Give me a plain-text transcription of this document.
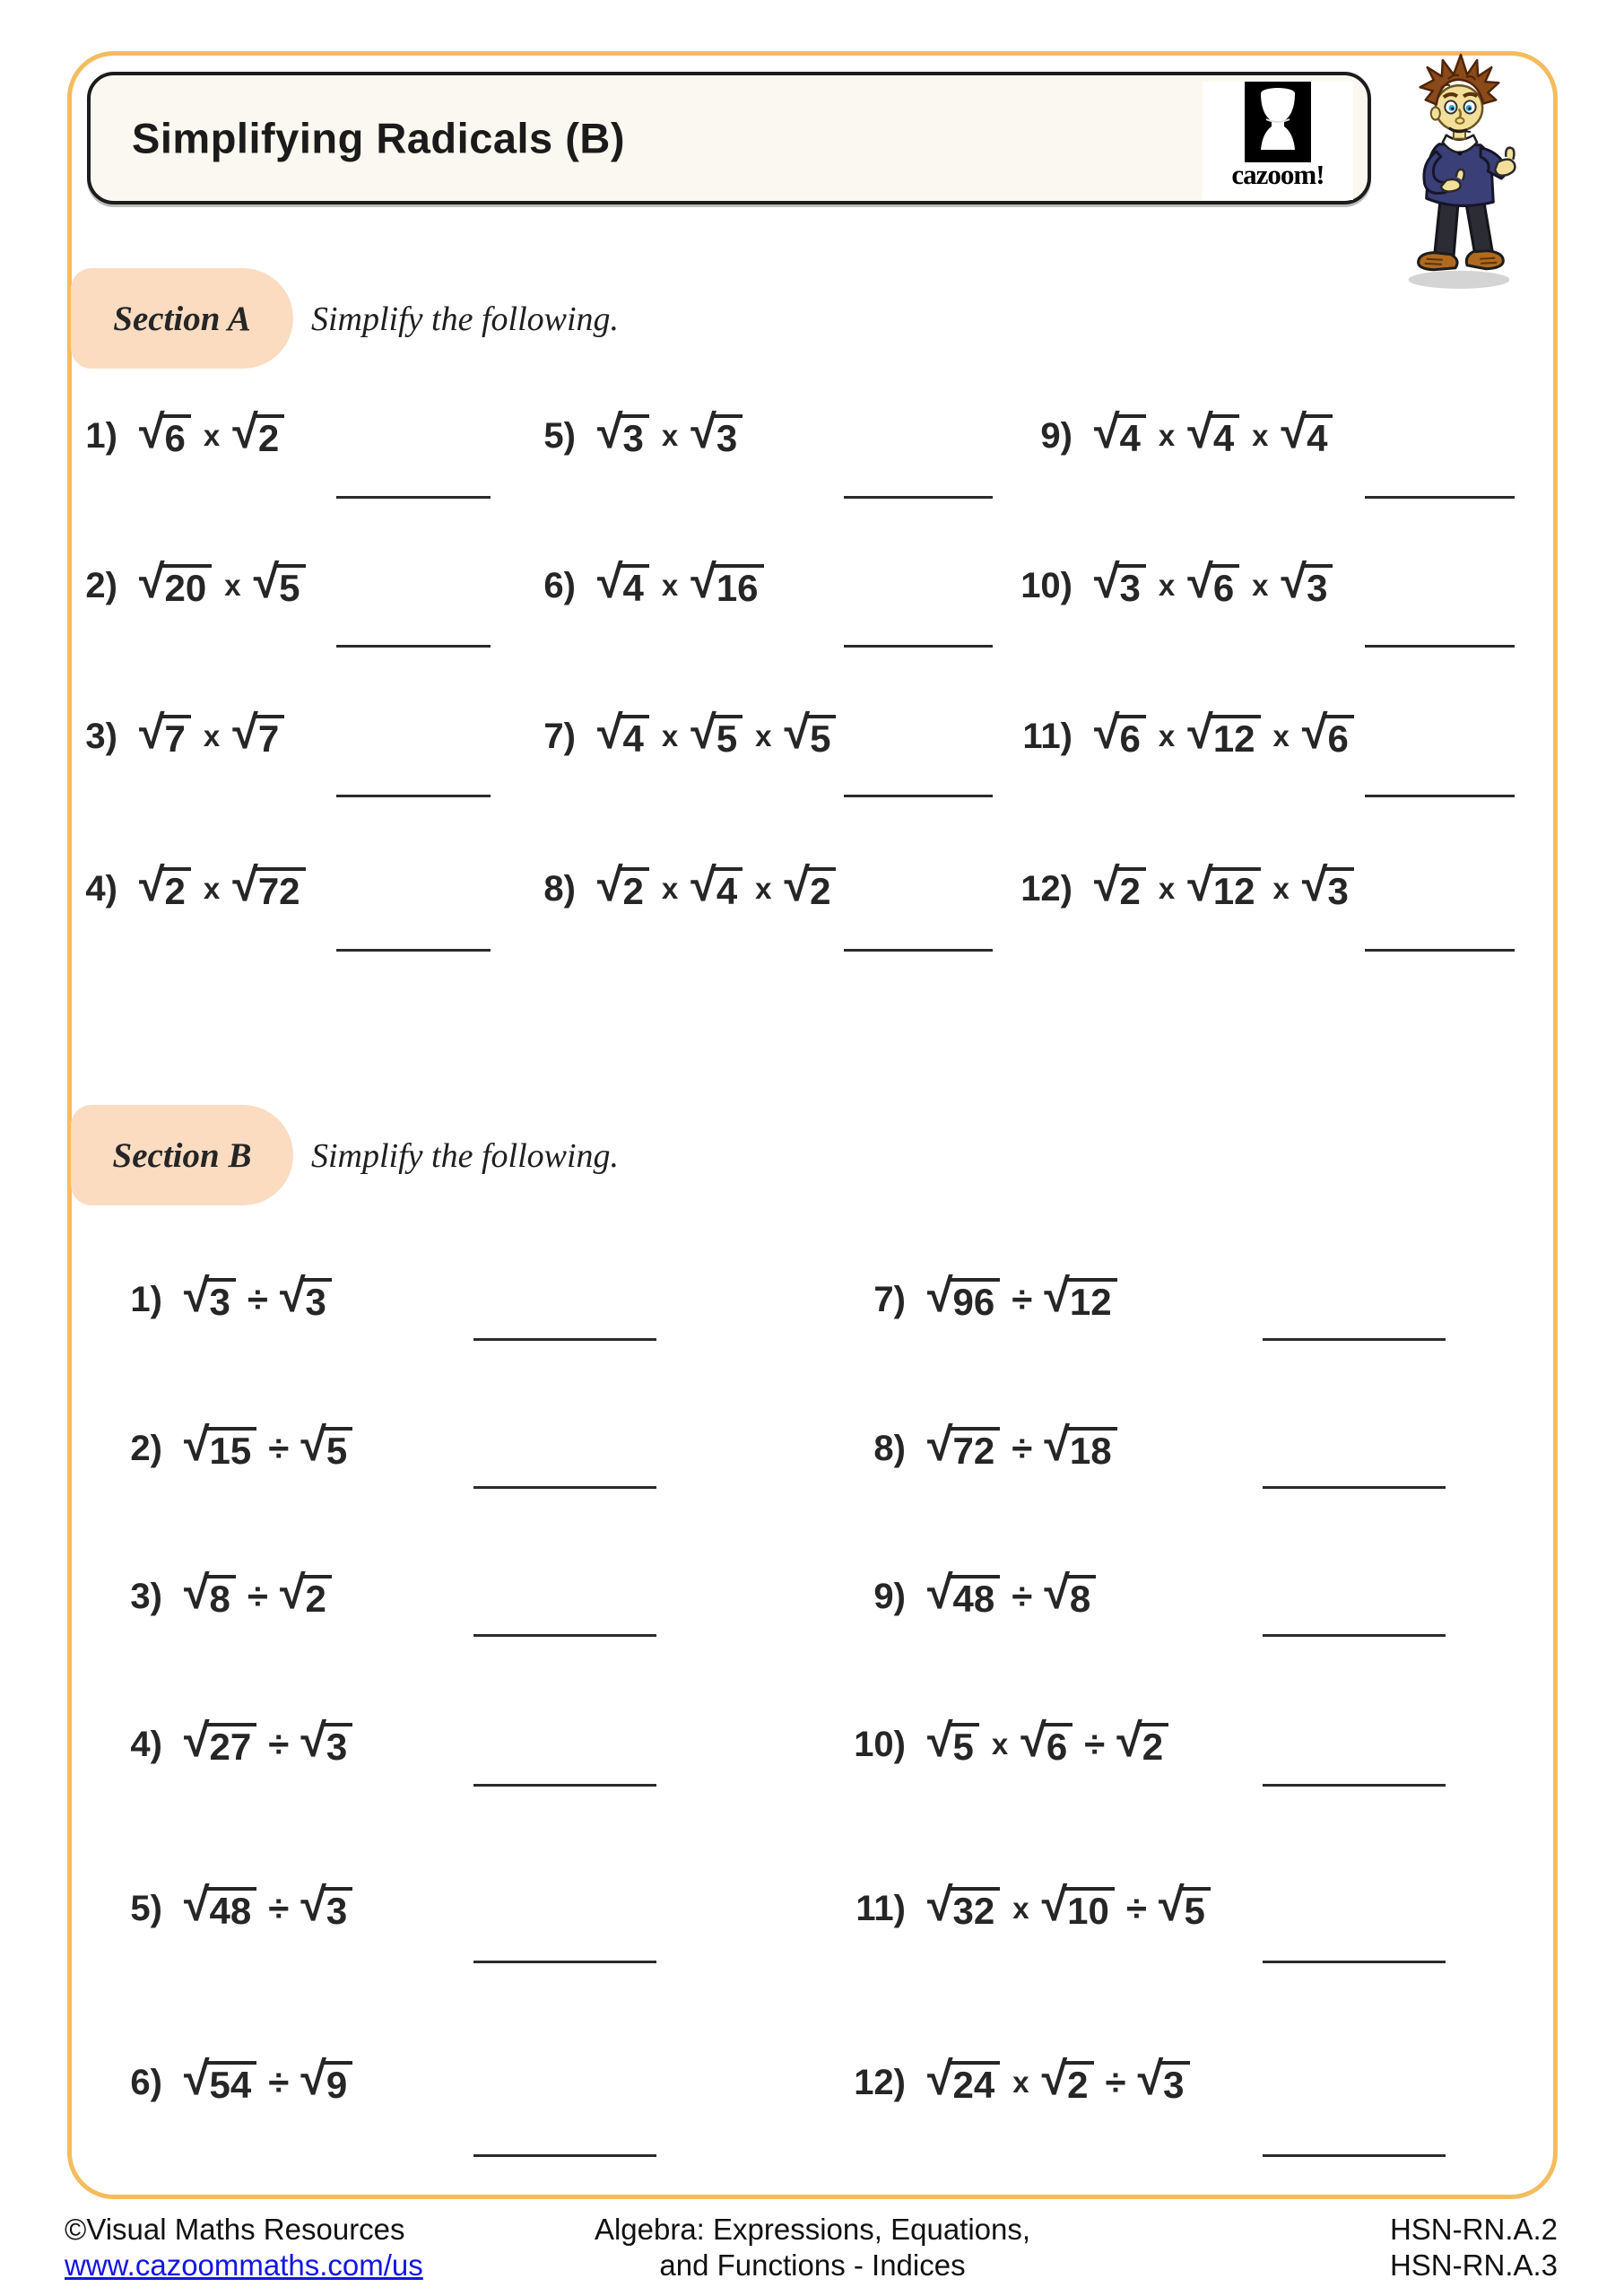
Simplifying Radicals (B)
cazoom!
Section A Simplify the following.
1) √ 6 x √ 2
2) √ 20 x √ 5
3) √ 7 x √ 7
4) √ 2 x √ 72
5) √ 3 x √ 3
6) √ 4 x √ 16
7) √ 4 x √ 5 x √ 5
8) √ 2 x √ 4 x √ 2
9) √ 4 x √ 4 x √ 4
10) √ 3 x √ 6 x √ 3
11) √ 6 x √ 12 x √ 6
12) √ 2 x √ 12 x √ 3
Section B Simplify the following.
1) √ 3 ÷ √ 3
2) √ 15 ÷ √ 5
3) √ 8 ÷ √ 2
4) √ 27 ÷ √ 3
5) √ 48 ÷ √ 3
6) √ 54 ÷ √ 9
7) √ 96 ÷ √ 12
8) √ 72 ÷ √ 18
9) √ 48 ÷ √ 8
10) √ 5 x √ 6 ÷ √ 2
11) √ 32 x √ 10 ÷ √ 5
12) √ 24 x √ 2 ÷ √ 3
©Visual Maths Resources
www.cazoommaths.com/us
Algebra: Expressions, Equations,
and Functions - Indices
HSN-RN.A.2
HSN-RN.A.3
